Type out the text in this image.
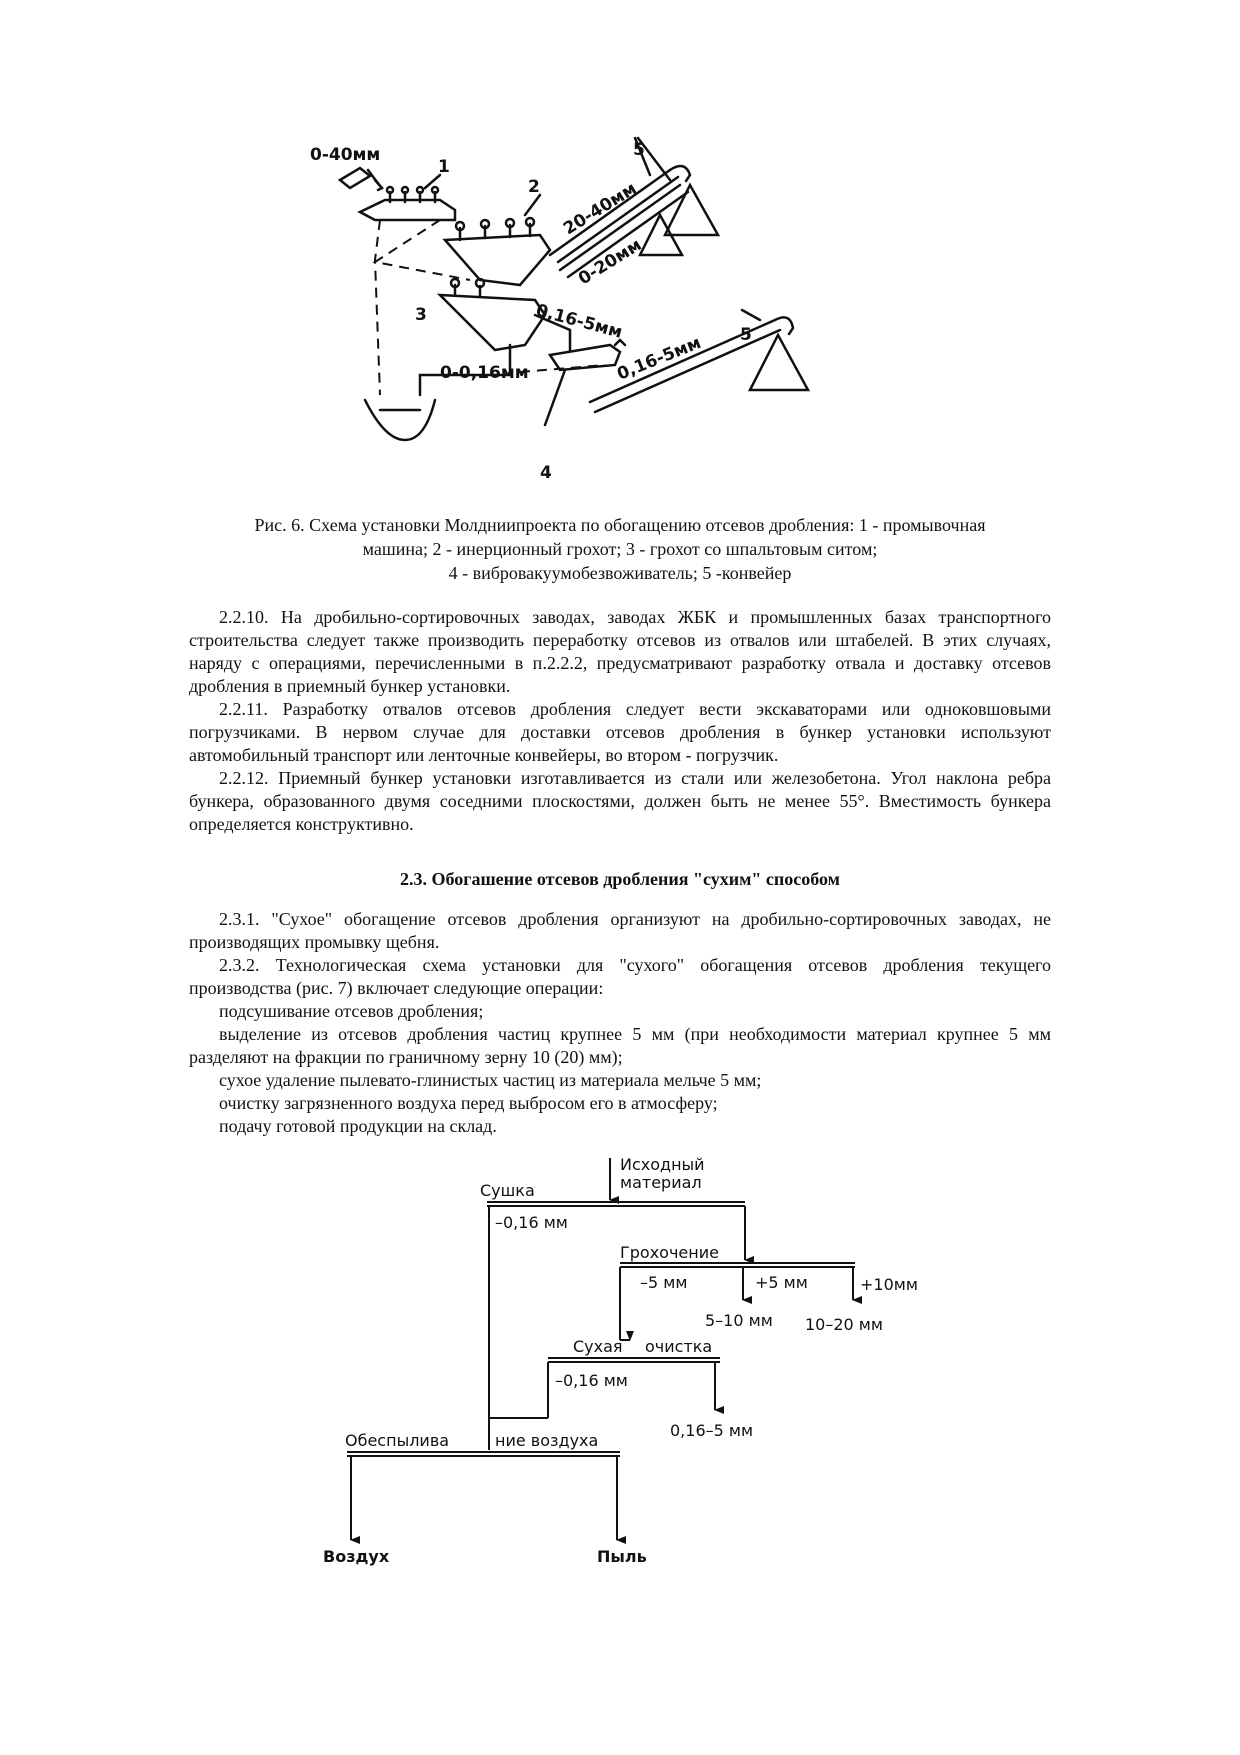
0-40мм
1
2
3
4
5
5
20-40мм
0-20мм
0,16-5мм
0,16-5мм
0-0,16мм
Рис. 6. Схема установки Молдниипроекта по обогащению отсевов дробления: 1 - промывочная
машина; 2 - инерционный грохот; 3 - грохот со шпальтовым ситом;
4 - вибровакуумобезвоживатель; 5 -конвейер

2.2.10. На дробильно-сортировочных заводах, заводах ЖБК и промышленных базах транспортного строительства следует также производить переработку отсевов из отвалов или штабелей. В этих случаях, наряду с операциями, перечисленными в п.2.2.2, предусматривают разработку отвала и доставку отсевов дробления в приемный бункер установки.

2.2.11. Разработку отвалов отсевов дробления следует вести экскаваторами или одноковшовыми погрузчиками. В нервом случае для доставки отсевов дробления в бункер установки используют автомобильный транспорт или ленточные конвейеры, во втором - погрузчик.

2.2.12. Приемный бункер установки изготавливается из стали или железобетона. Угол наклона ребра бункера, образованного двумя соседними плоскостями, должен быть не менее 55°. Вместимость бункера определяется конструктивно.

2.3. Обогашение отсевов дробления "сухим" способом

2.3.1. "Сухое" обогащение отсевов дробления организуют на дробильно-сортировочных заводах, не производящих промывку щебня.

2.3.2. Технологическая схема установки для "сухого" обогащения отсевов дробления текущего производства (рис. 7) включает следующие операции:

подсушивание отсевов дробления;

выделение из отсевов дробления частиц крупнее 5 мм (при необходимости материал крупнее 5 мм разделяют на фракции по граничному зерну 10 (20) мм);

сухое удаление пылевато-глинистых частиц из материала мельче 5 мм;

очистку загрязненного воздуха перед выбросом его в атмосферу;

подачу готовой продукции на склад.

Исходный
материал
Сушка
–0,16 мм
Грохочение
–5 мм	+5 мм	+10мм
5–10 мм 10–20 мм
Сухая очистка
–0,16 мм
0,16–5 мм
Обеспылива	ние воздуха
Воздух	Пыль
